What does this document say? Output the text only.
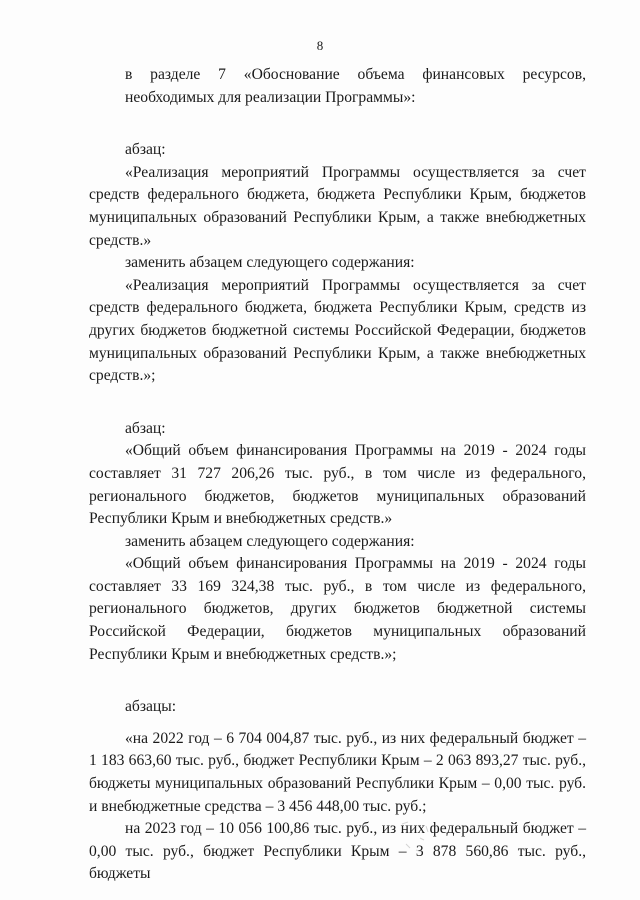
8

в разделе 7 «Обоснование объема финансовых ресурсов, необходимых для реализации Программы»:

абзац:

«Реализация мероприятий Программы осуществляется за счет средств федерального бюджета, бюджета Республики Крым, бюджетов муниципальных образований Республики Крым, а также внебюджетных средств.»

заменить абзацем следующего содержания:

«Реализация мероприятий Программы осуществляется за счет средств федерального бюджета, бюджета Республики Крым, средств из других бюджетов бюджетной системы Российской Федерации, бюджетов муниципальных образований Республики Крым, а также внебюджетных средств.»;

абзац:

«Общий объем финансирования Программы на 2019 - 2024 годы составляет 31 727 206,26 тыс. руб., в том числе из федерального, регионального бюджетов, бюджетов муниципальных образований Республики Крым и внебюджетных средств.»

заменить абзацем следующего содержания:

«Общий объем финансирования Программы на 2019 - 2024 годы составляет 33 169 324,38 тыс. руб., в том числе из федерального, регионального бюджетов, других бюджетов бюджетной системы Российской Федерации, бюджетов муниципальных образований Республики Крым и внебюджетных средств.»;

абзацы:

«на 2022 год – 6 704 004,87 тыс. руб., из них федеральный бюджет – 1 183 663,60 тыс. руб., бюджет Республики Крым – 2 063 893,27 тыс. руб., бюджеты муниципальных образований Республики Крым – 0,00 тыс. руб. и внебюджетные средства – 3 456 448,00 тыс. руб.;

на 2023 год – 10 056 100,86 тыс. руб., из них федеральный бюджет – 0,00 тыс. руб., бюджет Республики Крым – 3 878 560,86 тыс. руб., бюджеты
